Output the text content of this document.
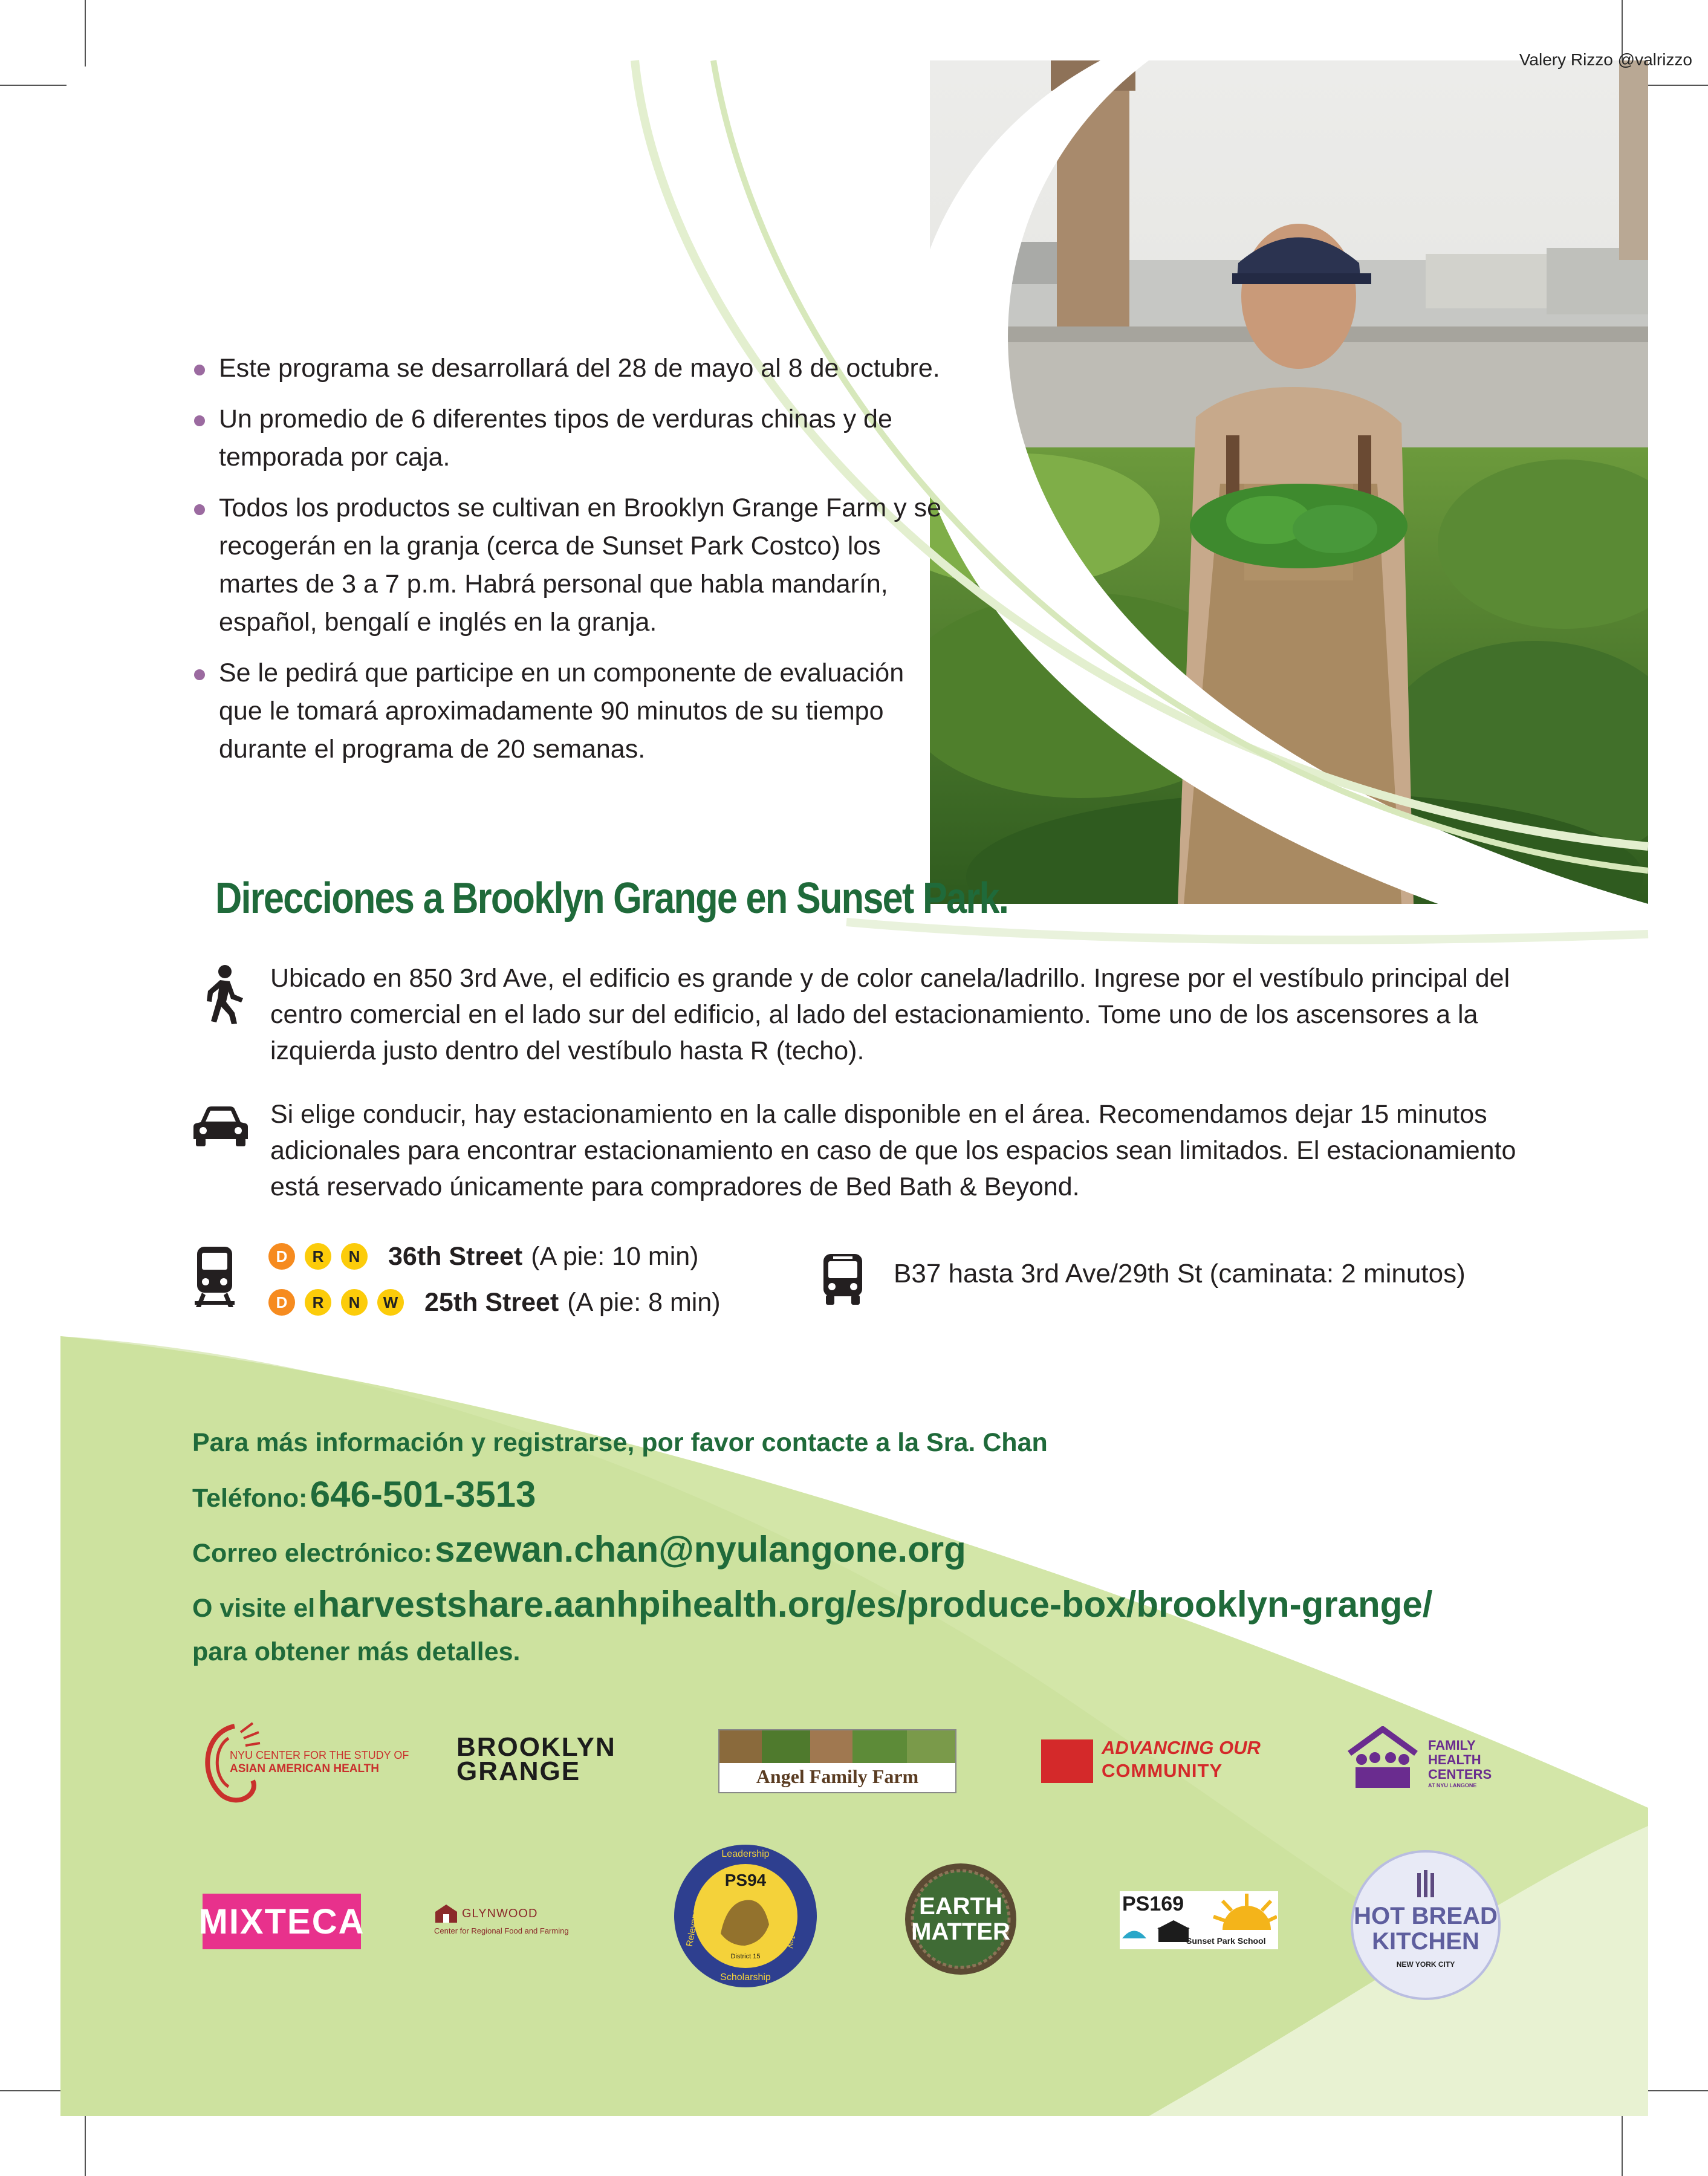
Valery Rizzo @valrizzo
Este programa se desarrollará del 28 de mayo al 8 de octubre.
Un promedio de 6 diferentes tipos de verduras chinas y de temporada por caja.
Todos los productos se cultivan en Brooklyn Grange Farm y se recogerán en la granja (cerca de Sunset Park Costco) los martes de 3 a 7 p.m. Habrá personal que habla mandarín, español, bengalí e inglés en la granja.
Se le pedirá que participe en un componente de evaluación que le tomará aproximadamente 90 minutos de su tiempo durante el programa de 20 semanas.
Direcciones a Brooklyn Grange en Sunset Park.
Ubicado en 850 3rd Ave, el edificio es grande y de color canela/ladrillo. Ingrese por el vestíbulo principal del centro comercial en el lado sur del edificio, al lado del estacionamiento. Tome uno de los ascensores a la izquierda justo dentro del vestíbulo hasta R (techo).
Si elige conducir, hay estacionamiento en la calle disponible en el área. Recomendamos dejar 15 minutos adicionales para encontrar estacionamiento en caso de que los espacios sean limitados. El estacionamiento está reservado únicamente para compradores de Bed Bath & Beyond.
D	R	N 36th Street (A pie: 10 min)
D	R	N	W 25th Street (A pie: 8 min)
B37 hasta 3rd Ave/29th St (caminata: 2 minutos)
Para más información y registrarse, por favor contacte a la Sra. Chan
Teléfono: 646-501-3513
Correo electrónico: szewan.chan@nyulangone.org
O visite el harvestshare.aanhpihealth.org/es/produce-box/brooklyn-grange/
para obtener más detalles.
NYU CENTER FOR THE STUDY OF
ASIAN AMERICAN HEALTH
BROOKLYN
GRANGE	Angel Family Farm
ADVANCING OUR
COMMUNITY
FAMILY
HEALTH
CENTERS
AT NYU LANGONE
MIXTECA	GLYNWOOD
Center for Regional Food and Farming
PS94
Leadership
Scholarship
Voice
Joy
Relevance
District 15
EARTH
MATTER
PS169
Sunset Park School
HOT BREAD
KITCHEN
NEW YORK CITY
